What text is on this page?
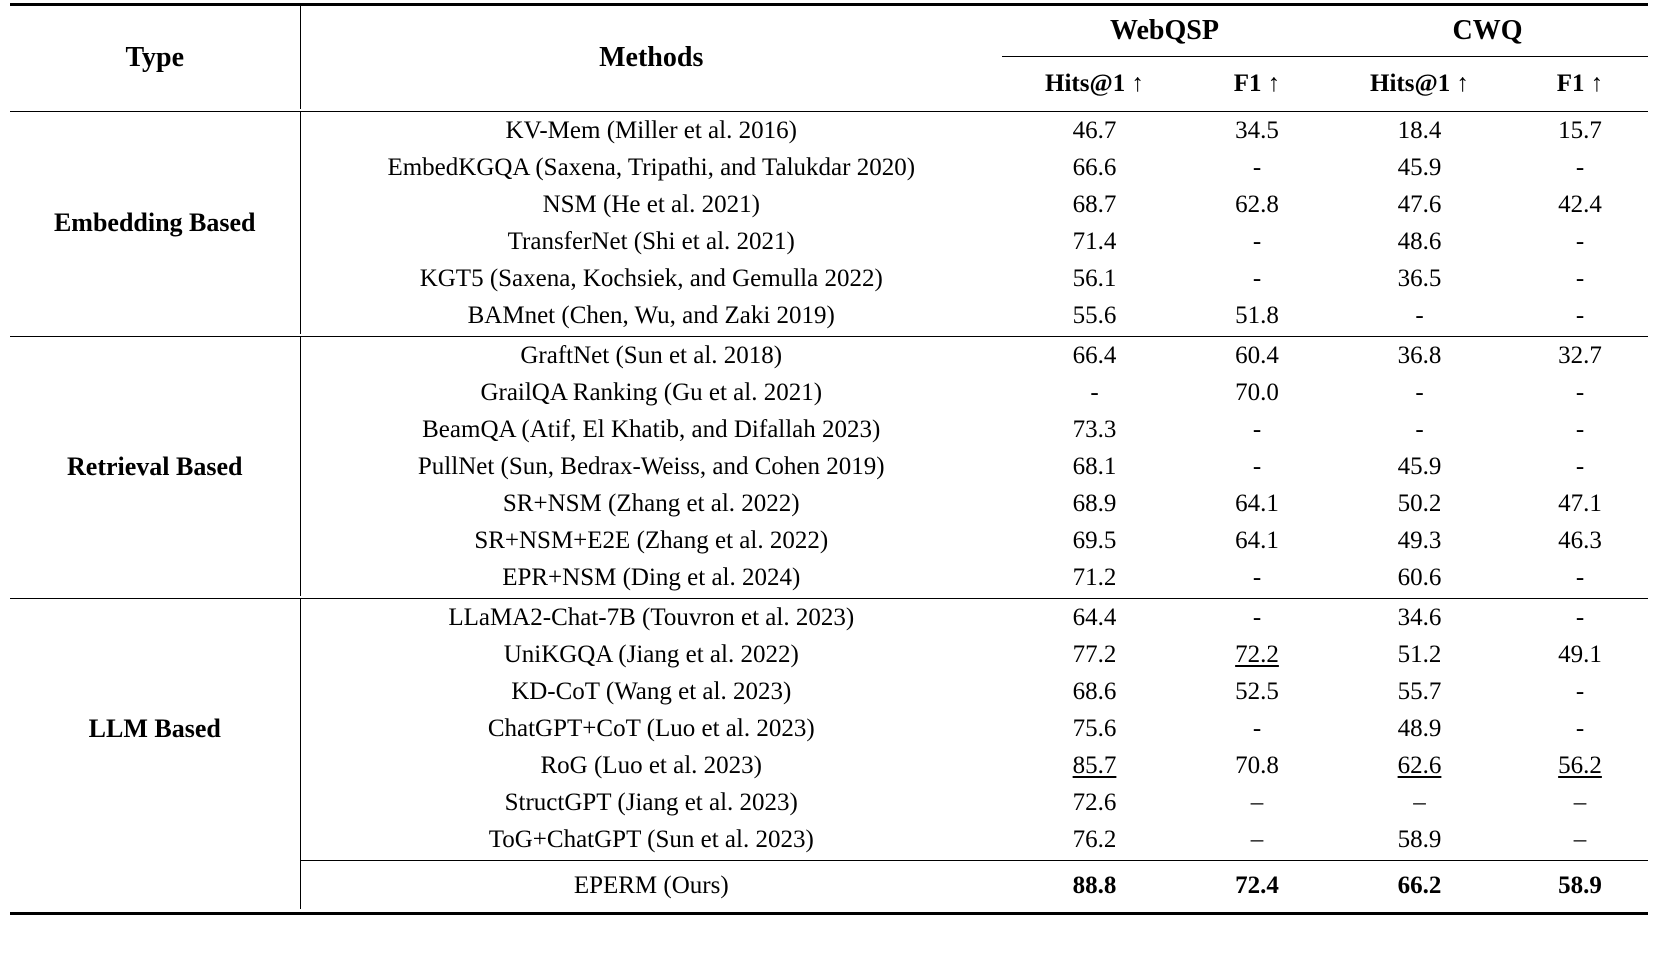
Type	Methods	WebQSP		CWQ	
		Hits@1 ↑	F1 ↑	Hits@1 ↑	F1 ↑

Embedding Based	KV-Mem (Miller et al. 2016)	46.7	34.5	18.4	15.7
	EmbedKGQA (Saxena, Tripathi, and Talukdar 2020)	66.6	-	45.9	-
	NSM (He et al. 2021)	68.7	62.8	47.6	42.4
	TransferNet (Shi et al. 2021)	71.4	-	48.6	-
	KGT5 (Saxena, Kochsiek, and Gemulla 2022)	56.1	-	36.5	-
	BAMnet (Chen, Wu, and Zaki 2019)	55.6	51.8	-	-

Retrieval Based	GraftNet (Sun et al. 2018)	66.4	60.4	36.8	32.7
	GrailQA Ranking (Gu et al. 2021)	-	70.0	-	-
	BeamQA (Atif, El Khatib, and Difallah 2023)	73.3	-	-	-
	PullNet (Sun, Bedrax-Weiss, and Cohen 2019)	68.1	-	45.9	-
	SR+NSM (Zhang et al. 2022)	68.9	64.1	50.2	47.1
	SR+NSM+E2E (Zhang et al. 2022)	69.5	64.1	49.3	46.3
	EPR+NSM (Ding et al. 2024)	71.2	-	60.6	-

LLM Based	LLaMA2-Chat-7B (Touvron et al. 2023)	64.4	-	34.6	-
	UniKGQA (Jiang et al. 2022)	77.2	72.2	51.2	49.1
	KD-CoT (Wang et al. 2023)	68.6	52.5	55.7	-
	ChatGPT+CoT (Luo et al. 2023)	75.6	-	48.9	-
	RoG (Luo et al. 2023)	85.7	70.8	62.6	56.2
	StructGPT (Jiang et al. 2023)	72.6	–	–	–
	ToG+ChatGPT (Sun et al. 2023)	76.2	–	58.9	–

	EPERM (Ours)	88.8	72.4	66.2	58.9
